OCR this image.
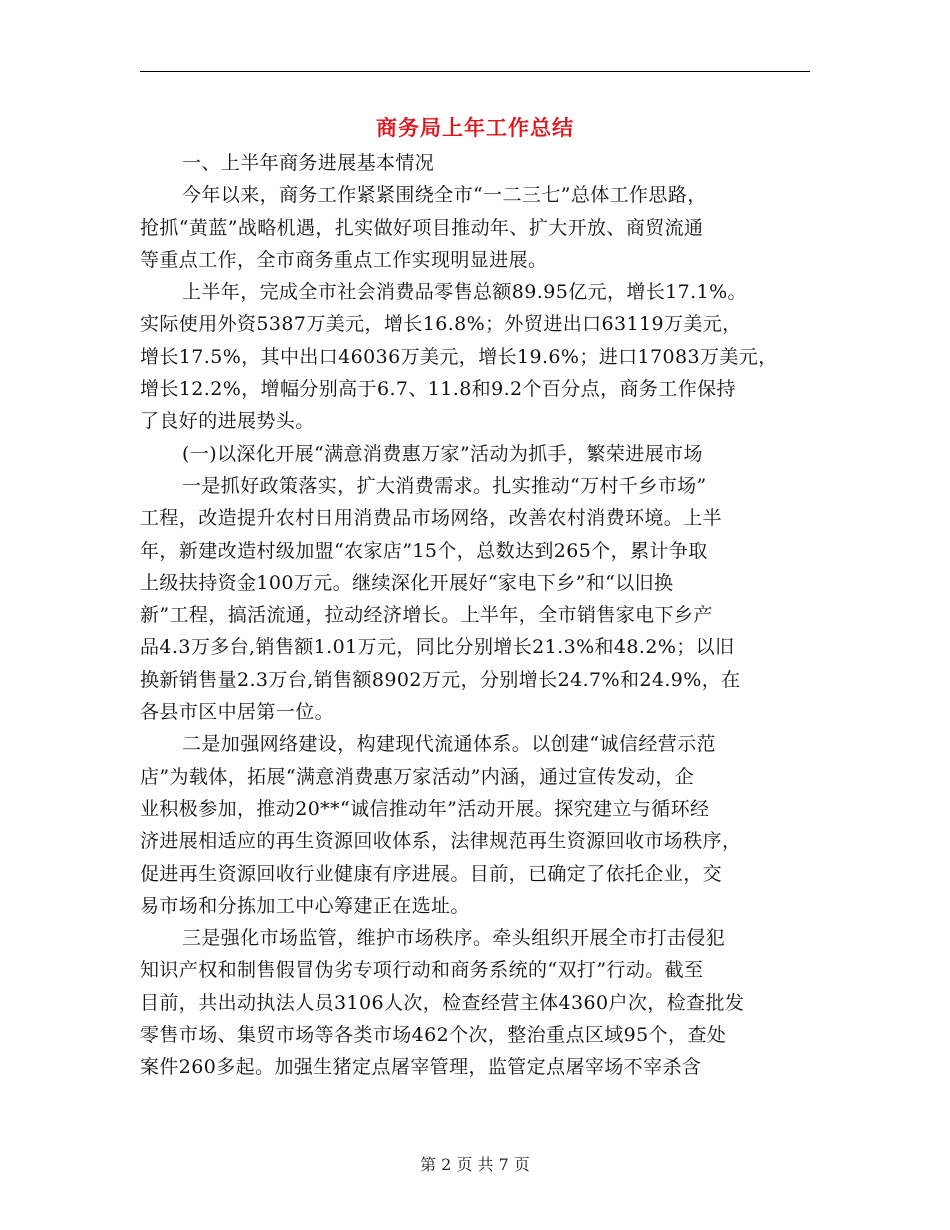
商务局上年工作总结
一、上半年商务进展基本情况
今年以来，商务工作紧紧围绕全市“一二三七”总体工作思路，
抢抓“黄蓝”战略机遇，扎实做好项目推动年、扩大开放、商贸流通
等重点工作，全市商务重点工作实现明显进展。
上半年，完成全市社会消费品零售总额89.95亿元，增长17.1%。
实际使用外资5387万美元，增长16.8%；外贸进出口63119万美元，
增长17.5%，其中出口46036万美元，增长19.6%；进口17083万美元，
增长12.2%，增幅分别高于6.7、11.8和9.2个百分点，商务工作保持
了良好的进展势头。
(一)以深化开展“满意消费惠万家”活动为抓手，繁荣进展市场
一是抓好政策落实，扩大消费需求。扎实推动“万村千乡市场”
工程，改造提升农村日用消费品市场网络，改善农村消费环境。上半
年，新建改造村级加盟“农家店”15个，总数达到265个，累计争取
上级扶持资金100万元。继续深化开展好“家电下乡”和“以旧换
新”工程，搞活流通，拉动经济增长。上半年，全市销售家电下乡产
品4.3万多台,销售额1.01万元，同比分别增长21.3%和48.2%；以旧
换新销售量2.3万台,销售额8902万元，分别增长24.7%和24.9%，在
各县市区中居第一位。
二是加强网络建设，构建现代流通体系。以创建“诚信经营示范
店”为载体，拓展“满意消费惠万家活动”内涵，通过宣传发动，企
业积极参加，推动20**“诚信推动年”活动开展。探究建立与循环经
济进展相适应的再生资源回收体系，法律规范再生资源回收市场秩序，
促进再生资源回收行业健康有序进展。目前，已确定了依托企业，交
易市场和分拣加工中心筹建正在选址。
三是强化市场监管，维护市场秩序。牵头组织开展全市打击侵犯
知识产权和制售假冒伪劣专项行动和商务系统的“双打”行动。截至
目前，共出动执法人员3106人次，检查经营主体4360户次，检查批发
零售市场、集贸市场等各类市场462个次，整治重点区域95个，查处
案件260多起。加强生猪定点屠宰管理，监管定点屠宰场不宰杀含
第 2 页 共 7 页
